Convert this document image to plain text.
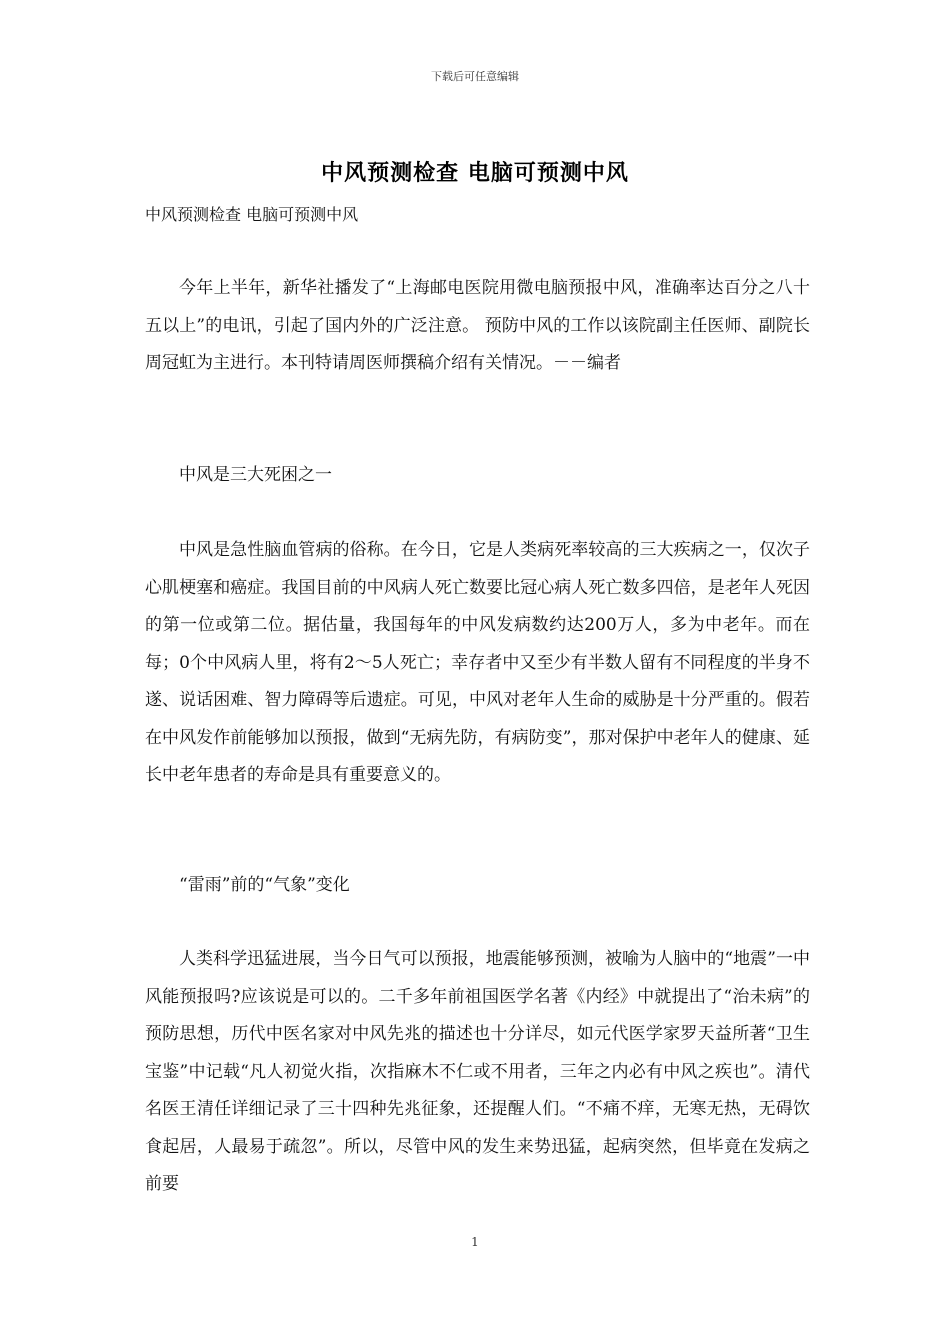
下载后可任意编辑
中风预测检查 电脑可预测中风
中风预测检查 电脑可预测中风

今年上半年，新华社播发了“上海邮电医院用微电脑预报中风，准确率达百分之八十五以上”的电讯，引起了国内外的广泛注意。 预防中风的工作以该院副主任医师、副院长周冠虹为主进行。本刊特请周医师撰稿介绍有关情况。－－编者

中风是三大死困之一

中风是急性脑血管病的俗称。在今日，它是人类病死率较高的三大疾病之一，仅次子心肌梗塞和癌症。我国目前的中风病人死亡数要比冠心病人死亡数多四倍，是老年人死因的第一位或第二位。据估量，我国每年的中风发病数约达200万人，多为中老年。而在每；0个中风病人里，将有2～5人死亡；幸存者中又至少有半数人留有不同程度的半身不遂、说话困难、智力障碍等后遗症。可见，中风对老年人生命的威胁是十分严重的。假若在中风发作前能够加以预报，做到“无病先防，有病防变”，那对保护中老年人的健康、延长中老年患者的寿命是具有重要意义的。

“雷雨”前的“气象”变化

人类科学迅猛进展，当今日气可以预报，地震能够预测，被喻为人脑中的“地震”一中风能预报吗?应该说是可以的。二千多年前祖国医学名著《内经》中就提出了“治未病”的预防思想，历代中医名家对中风先兆的描述也十分详尽，如元代医学家罗天益所著“卫生宝鉴”中记载“凡人初觉火指，次指麻木不仁或不用者，三年之内必有中风之疾也”。清代名医王清任详细记录了三十四种先兆征象，还提醒人们。“不痛不痒，无寒无热，无碍饮食起居，人最易于疏忽”。所以，尽管中风的发生来势迅猛，起病突然，但毕竟在发病之前要

1
